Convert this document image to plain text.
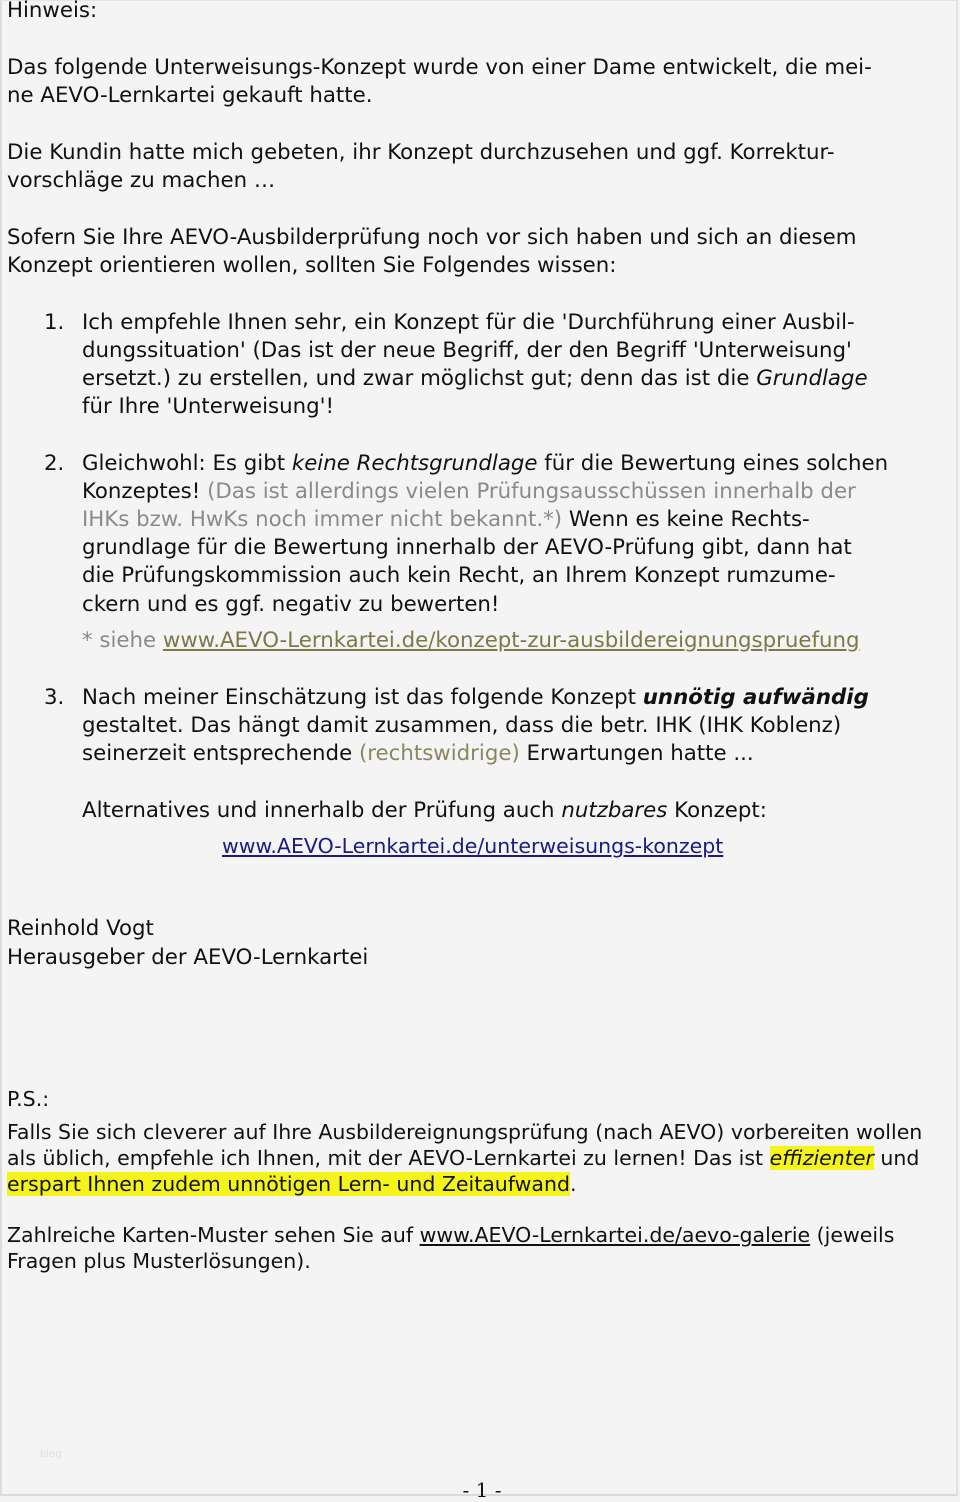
Hinweis:
Das folgende Unterweisungs-Konzept wurde von einer Dame entwickelt, die mei-
ne AEVO-Lernkartei gekauft hatte.
Die Kundin hatte mich gebeten, ihr Konzept durchzusehen und ggf. Korrektur-
vorschläge zu machen …
Sofern Sie Ihre AEVO-Ausbilderprüfung noch vor sich haben und sich an diesem
Konzept orientieren wollen, sollten Sie Folgendes wissen:
1. Ich empfehle Ihnen sehr, ein Konzept für die 'Durchführung einer Ausbil-
dungssituation' (Das ist der neue Begriff, der den Begriff 'Unterweisung'
ersetzt.) zu erstellen, und zwar möglichst gut; denn das ist die Grundlage
für Ihre 'Unterweisung'!
2. Gleichwohl: Es gibt keine Rechtsgrundlage für die Bewertung eines solchen
Konzeptes! (Das ist allerdings vielen Prüfungsausschüssen innerhalb der
IHKs bzw. HwKs noch immer nicht bekannt.*) Wenn es keine Rechts-
grundlage für die Bewertung innerhalb der AEVO-Prüfung gibt, dann hat
die Prüfungskommission auch kein Recht, an Ihrem Konzept rumzume-
ckern und es ggf. negativ zu bewerten!
* siehe www.AEVO-Lernkartei.de/konzept-zur-ausbildereignungspruefung
3. Nach meiner Einschätzung ist das folgende Konzept unnötig aufwändig
gestaltet. Das hängt damit zusammen, dass die betr. IHK (IHK Koblenz)
seinerzeit entsprechende (rechtswidrige) Erwartungen hatte ...
Alternatives und innerhalb der Prüfung auch nutzbares Konzept:
www.AEVO-Lernkartei.de/unterweisungs-konzept
Reinhold Vogt
Herausgeber der AEVO-Lernkartei
P.S.:
Falls Sie sich cleverer auf Ihre Ausbildereignungsprüfung (nach AEVO) vorbereiten wollen
als üblich, empfehle ich Ihnen, mit der AEVO-Lernkartei zu lernen! Das ist effizienter und
erspart Ihnen zudem unnötigen Lern- und Zeitaufwand.
Zahlreiche Karten-Muster sehen Sie auf www.AEVO-Lernkartei.de/aevo-galerie (jeweils
Fragen plus Musterlösungen).
blog
- 1 -
